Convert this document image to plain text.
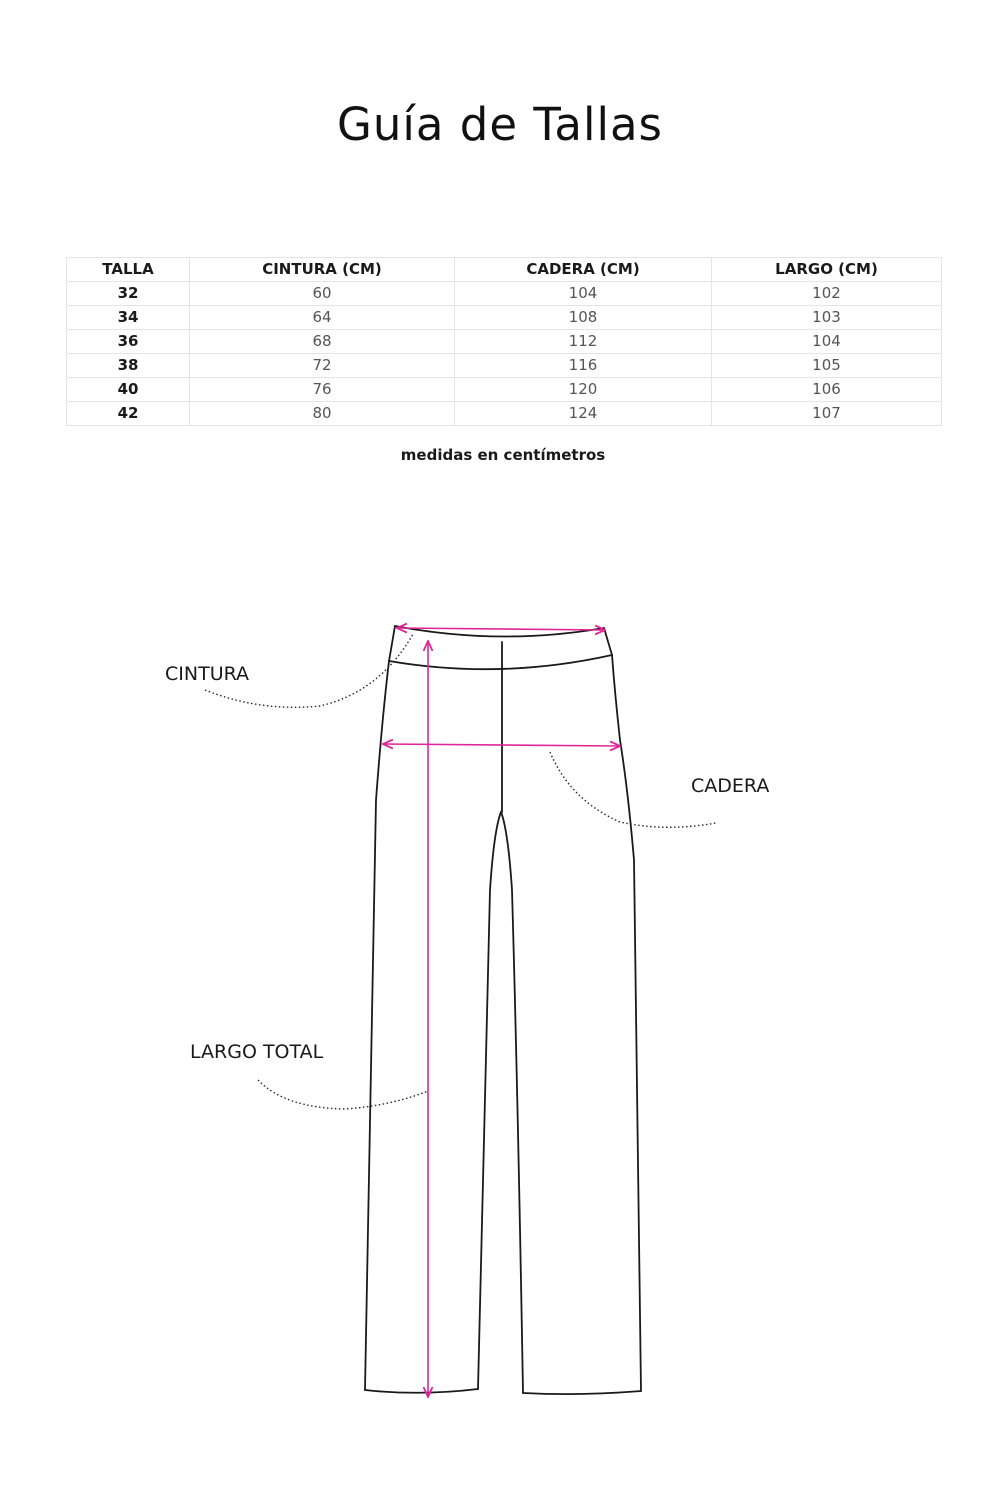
Guía de Tallas
TALLA	CINTURA (CM)	CADERA (CM)	LARGO (CM)
32	60	104	102
34	64	108	103
36	68	112	104
38	72	116	105
40	76	120	106
42	80	124	107

medidas en centímetros

CINTURA
CADERA
LARGO TOTAL
